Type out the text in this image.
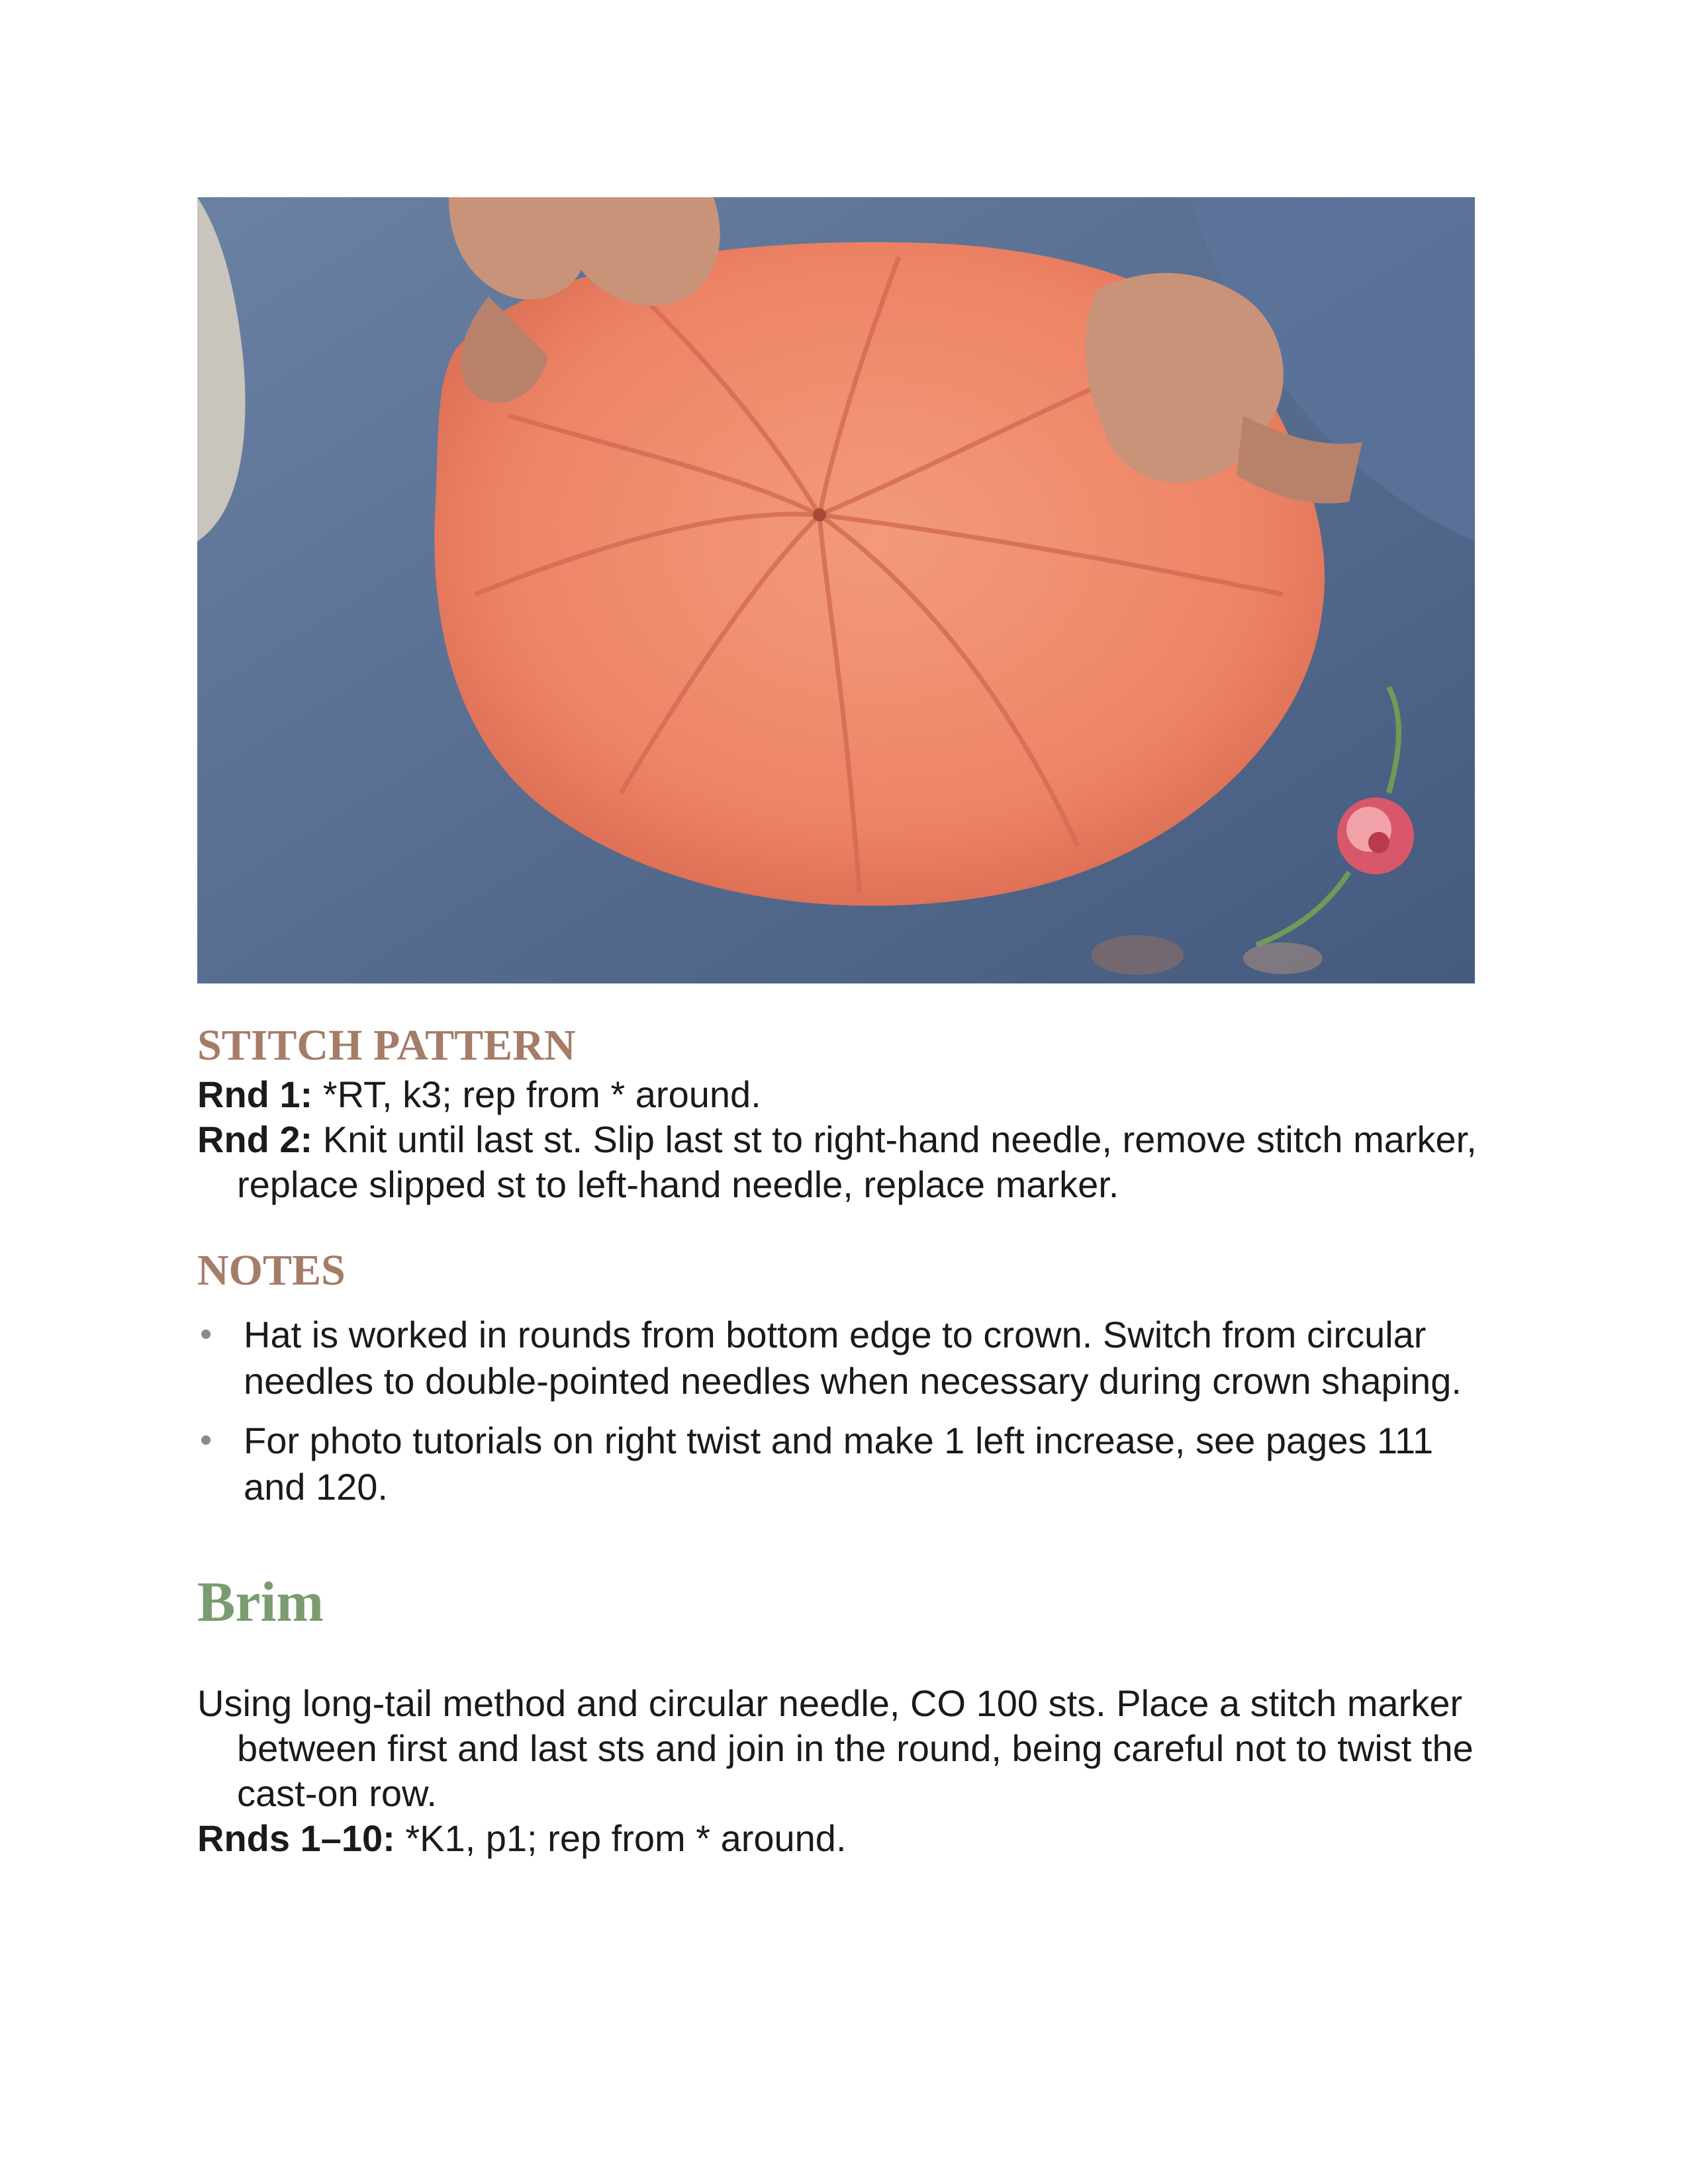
STITCH PATTERN

Rnd 1: *RT, k3; rep from * around.

Rnd 2: Knit until last st. Slip last st to right-hand needle, remove stitch marker, replace slipped st to left-hand needle, replace marker.

NOTES
• Hat is worked in rounds from bottom edge to crown. Switch from circular needles to double-pointed needles when necessary during crown shaping.
• For photo tutorials on right twist and make 1 left increase, see pages 111 and 120.
Brim

Using long-tail method and circular needle, CO 100 sts. Place a stitch marker between first and last sts and join in the round, being careful not to twist the cast-on row.

Rnds 1–10: *K1, p1; rep from * around.
